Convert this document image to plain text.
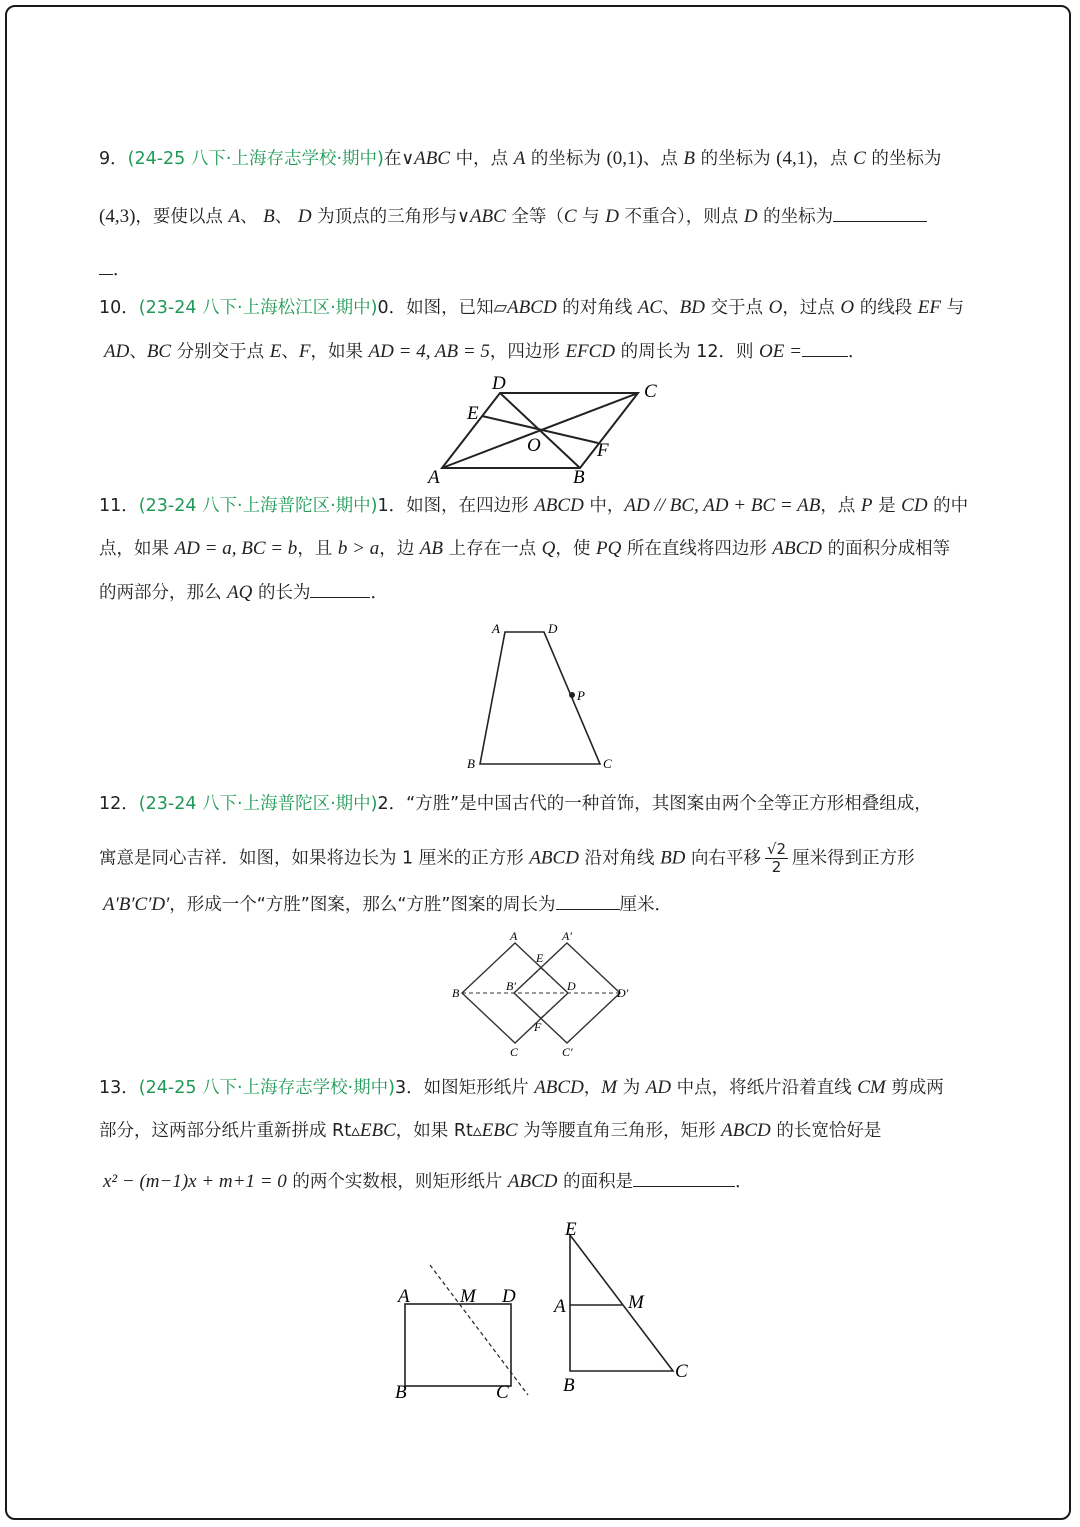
9．(24-25 八下·上海存志学校·期中)在∨ABC 中，点 A 的坐标为 (0,1)、点 B 的坐标为 (4,1)，点 C 的坐标为
(4,3)，要使以点 A、 B、 D 为顶点的三角形与∨ABC 全等（C 与 D 不重合），则点 D 的坐标为
．
10．(23-24 八下·上海松江区·期中)0．如图，已知▱ABCD 的对角线 AC、BD 交于点 O，过点 O 的线段 EF 与
AD、BC 分别交于点 E、F，如果 AD = 4, AB = 5，四边形 EFCD 的周长为 12．则 OE =	．
A	B
C
D
E
F
O
11．(23-24 八下·上海普陀区·期中)1．如图，在四边形 ABCD 中，AD // BC, AD + BC = AB，点 P 是 CD 的中
点，如果 AD = a, BC = b，且 b > a，边 AB 上存在一点 Q，使 PQ 所在直线将四边形 ABCD 的面积分成相等
的两部分，那么 AQ 的长为	．
A	D
P
B	C
12．(23-24 八下·上海普陀区·期中)2．“方胜”是中国古代的一种首饰，其图案由两个全等正方形相叠组成，
寓意是同心吉祥．如图，如果将边长为 1 厘米的正方形 ABCD 沿对角线 BD 向右平移 $\frac{√2}{2}$ 厘米得到正方形
A′B′C′D′，形成一个“方胜”图案，那么“方胜”图案的周长为	厘米．
A	A′
E
B	B′	D	D′
F
C	C′
13．(24-25 八下·上海存志学校·期中)3．如图矩形纸片 ABCD，M 为 AD 中点，将纸片沿着直线 CM 剪成两
部分，这两部分纸片重新拼成 Rt▵EBC，如果 Rt▵EBC 为等腰直角三角形，矩形 ABCD 的长宽恰好是
x² − (m−1)x + m+1 = 0 的两个实数根，则矩形纸片 ABCD 的面积是	．
A	M D
B	C
E
A	M
B
C
